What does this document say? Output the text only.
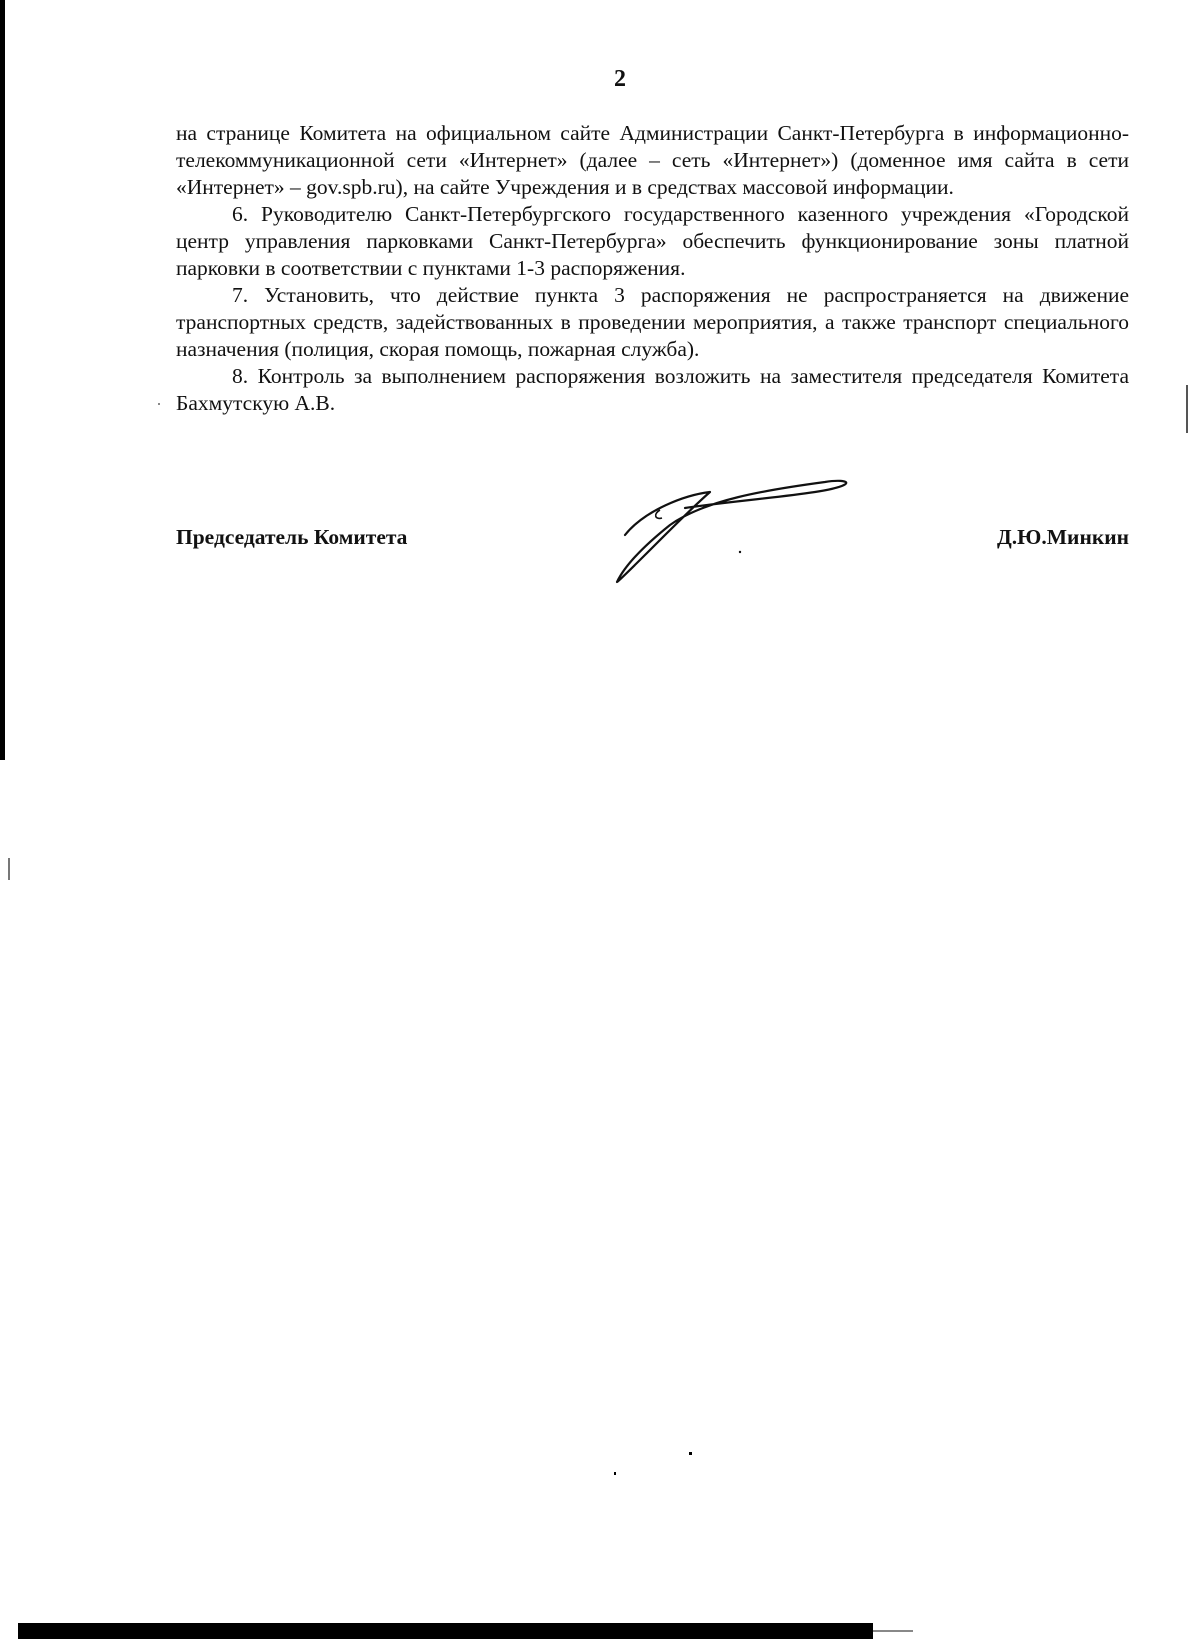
2

на странице Комитета на официальном сайте Администрации Санкт-Петербурга в информационно-телекоммуникационной сети «Интернет» (далее – сеть «Интернет») (доменное имя сайта в сети «Интернет» – gov.spb.ru), на сайте Учреждения и в средствах массовой информации.

6. Руководителю Санкт-Петербургского государственного казенного учреждения «Городской центр управления парковками Санкт-Петербурга» обеспечить функционирование зоны платной парковки в соответствии с пунктами 1-3 распоряжения.

7. Установить, что действие пункта 3 распоряжения не распространяется на движение транспортных средств, задействованных в проведении мероприятия, а также транспорт специального назначения (полиция, скорая помощь, пожарная служба).

8. Контроль за выполнением распоряжения возложить на заместителя председателя Комитета Бахмутскую А.В.

Председатель Комитета	Д.Ю.Минкин
